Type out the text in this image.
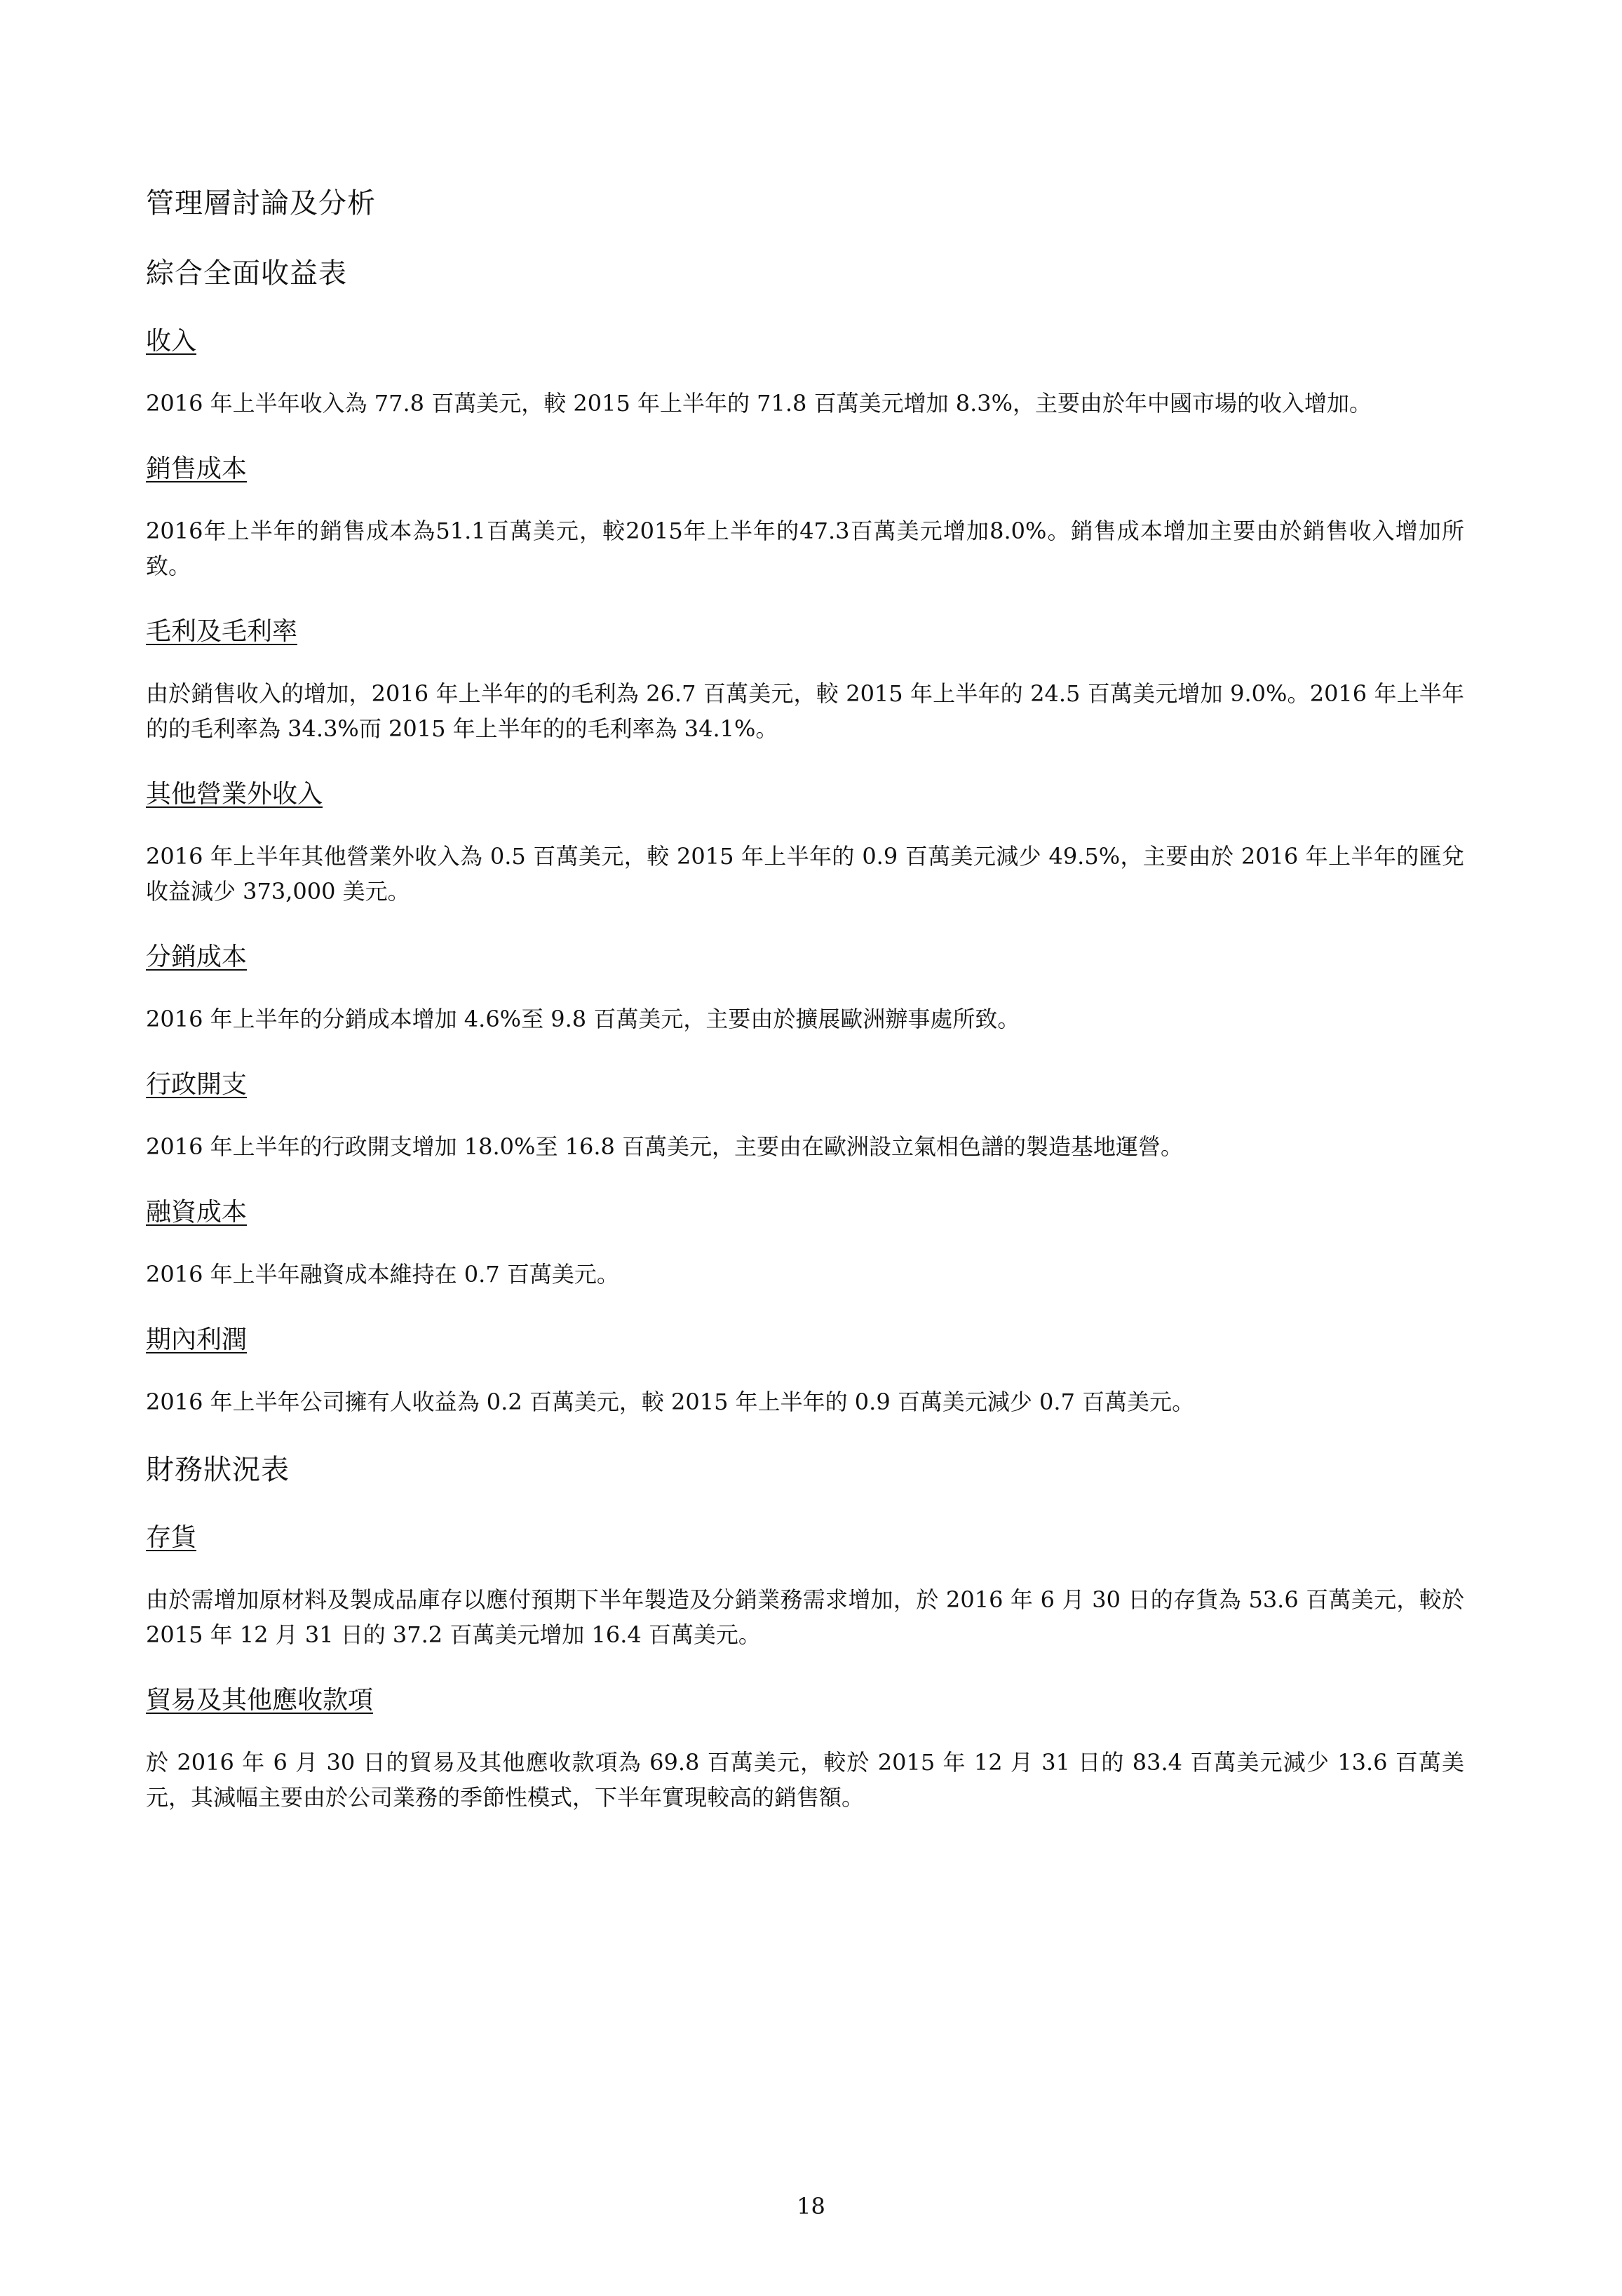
管理層討論及分析
綜合全面收益表
收入

2016 年上半年收入為 77.8 百萬美元，較 2015 年上半年的 71.8 百萬美元增加 8.3%，主要由於年中國市場的收入增加。

銷售成本

2016年上半年的銷售成本為51.1百萬美元，較2015年上半年的47.3百萬美元增加8.0%。銷售成本增加主要由於銷售收入增加所致。

毛利及毛利率

由於銷售收入的增加，2016 年上半年的的毛利為 26.7 百萬美元，較 2015 年上半年的 24.5 百萬美元增加 9.0%。2016 年上半年的的毛利率為 34.3%而 2015 年上半年的的毛利率為 34.1%。

其他營業外收入

2016 年上半年其他營業外收入為 0.5 百萬美元，較 2015 年上半年的 0.9 百萬美元減少 49.5%，主要由於 2016 年上半年的匯兌收益減少 373,000 美元。

分銷成本

2016 年上半年的分銷成本增加 4.6%至 9.8 百萬美元，主要由於擴展歐洲辦事處所致。

行政開支

2016 年上半年的行政開支增加 18.0%至 16.8 百萬美元，主要由在歐洲設立氣相色譜的製造基地運營。

融資成本

2016 年上半年融資成本維持在 0.7 百萬美元。

期內利潤

2016 年上半年公司擁有人收益為 0.2 百萬美元，較 2015 年上半年的 0.9 百萬美元減少 0.7 百萬美元。

財務狀況表
存貨

由於需增加原材料及製成品庫存以應付預期下半年製造及分銷業務需求增加，於 2016 年 6 月 30 日的存貨為 53.6 百萬美元，較於 2015 年 12 月 31 日的 37.2 百萬美元增加 16.4 百萬美元。

貿易及其他應收款項

於 2016 年 6 月 30 日的貿易及其他應收款項為 69.8 百萬美元，較於 2015 年 12 月 31 日的 83.4 百萬美元減少 13.6 百萬美元，其減幅主要由於公司業務的季節性模式，下半年實現較高的銷售額。

18
